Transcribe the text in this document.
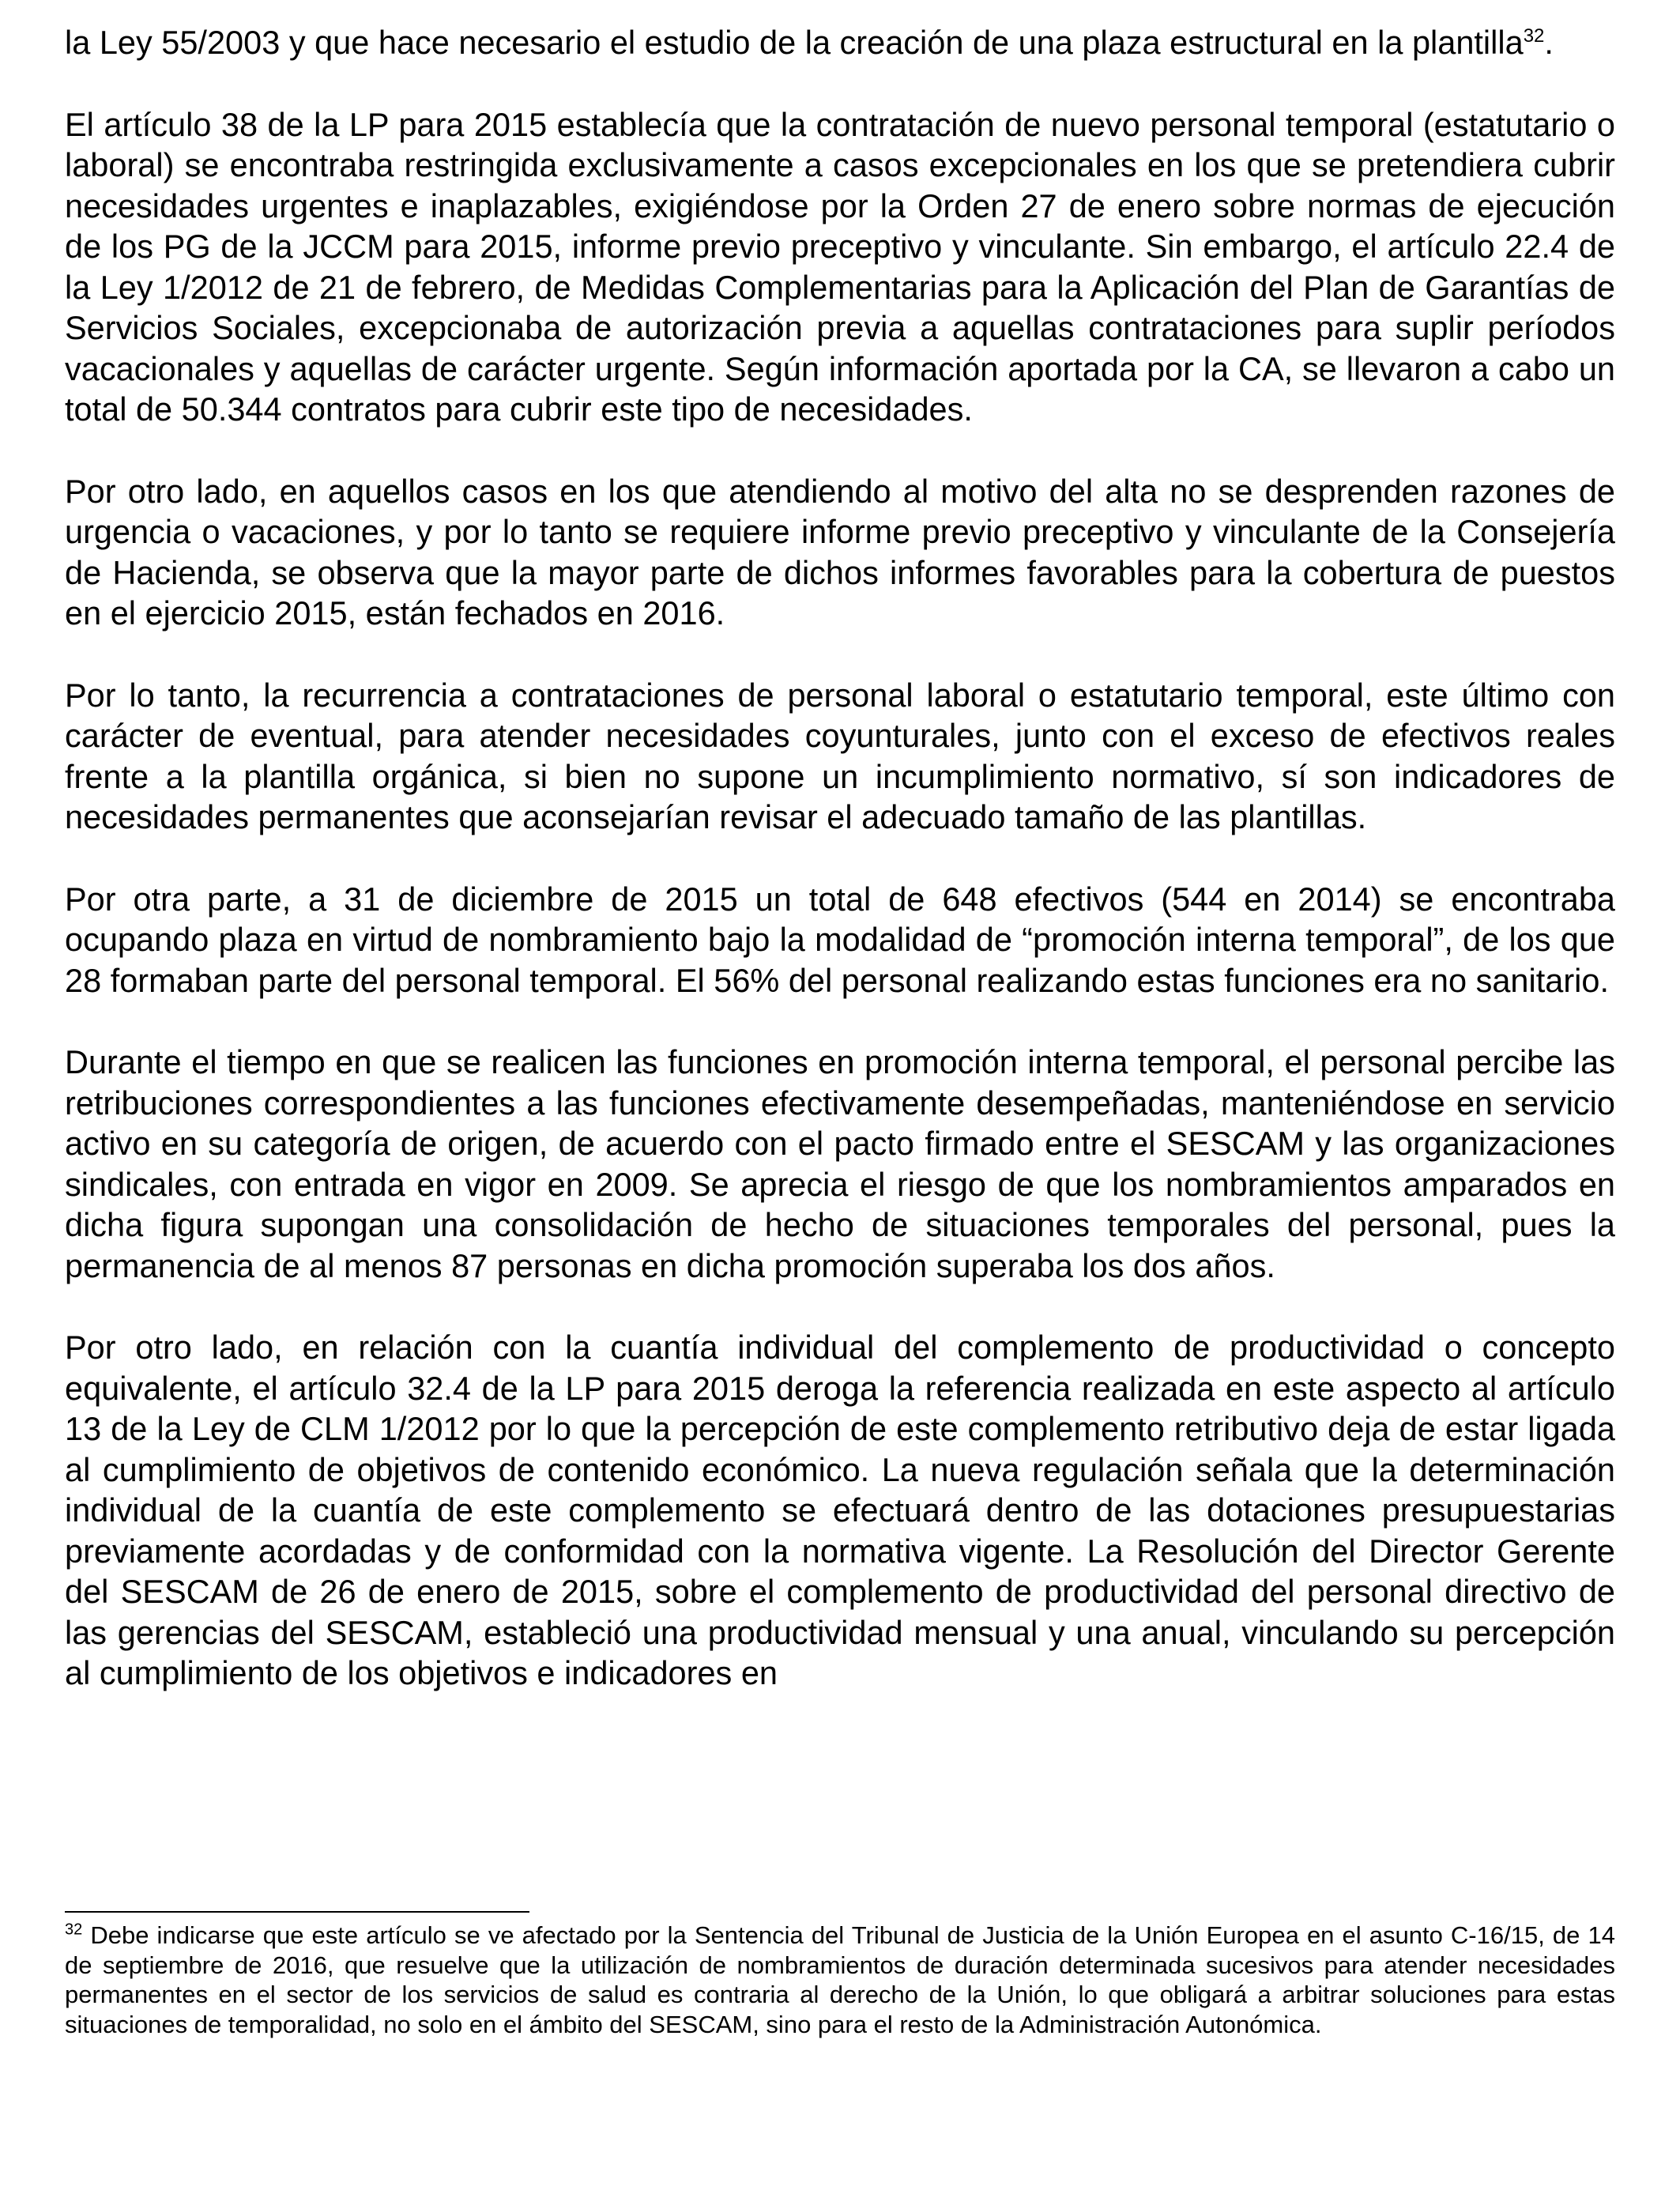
la Ley 55/2003 y que hace necesario el estudio de la creación de una plaza estructural en la plantilla$^{32}$.

El artículo 38 de la LP para 2015 establecía que la contratación de nuevo personal temporal (estatutario o laboral) se encontraba restringida exclusivamente a casos excepcionales en los que se pretendiera cubrir necesidades urgentes e inaplazables, exigiéndose por la Orden 27 de enero sobre normas de ejecución de los PG de la JCCM para 2015, informe previo preceptivo y vinculante. Sin embargo, el artículo 22.4 de la Ley 1/2012 de 21 de febrero, de Medidas Complementarias para la Aplicación del Plan de Garantías de Servicios Sociales, excepcionaba de autorización previa a aquellas contrataciones para suplir períodos vacacionales y aquellas de carácter urgente. Según información aportada por la CA, se llevaron a cabo un total de 50.344 contratos para cubrir este tipo de necesidades.

Por otro lado, en aquellos casos en los que atendiendo al motivo del alta no se desprenden razones de urgencia o vacaciones, y por lo tanto se requiere informe previo preceptivo y vinculante de la Consejería de Hacienda, se observa que la mayor parte de dichos informes favorables para la cobertura de puestos en el ejercicio 2015, están fechados en 2016.

Por lo tanto, la recurrencia a contrataciones de personal laboral o estatutario temporal, este último con carácter de eventual, para atender necesidades coyunturales, junto con el exceso de efectivos reales frente a la plantilla orgánica, si bien no supone un incumplimiento normativo, sí son indicadores de necesidades permanentes que aconsejarían revisar el adecuado tamaño de las plantillas.

Por otra parte, a 31 de diciembre de 2015 un total de 648 efectivos (544 en 2014) se encontraba ocupando plaza en virtud de nombramiento bajo la modalidad de “promoción interna temporal”, de los que 28 formaban parte del personal temporal. El 56% del personal realizando estas funciones era no sanitario.

Durante el tiempo en que se realicen las funciones en promoción interna temporal, el personal percibe las retribuciones correspondientes a las funciones efectivamente desempeñadas, manteniéndose en servicio activo en su categoría de origen, de acuerdo con el pacto firmado entre el SESCAM y las organizaciones sindicales, con entrada en vigor en 2009. Se aprecia el riesgo de que los nombramientos amparados en dicha figura supongan una consolidación de hecho de situaciones temporales del personal, pues la permanencia de al menos 87 personas en dicha promoción superaba los dos años.

Por otro lado, en relación con la cuantía individual del complemento de productividad o concepto equivalente, el artículo 32.4 de la LP para 2015 deroga la referencia realizada en este aspecto al artículo 13 de la Ley de CLM 1/2012 por lo que la percepción de este complemento retributivo deja de estar ligada al cumplimiento de objetivos de contenido económico. La nueva regulación señala que la determinación individual de la cuantía de este complemento se efectuará dentro de las dotaciones presupuestarias previamente acordadas y de conformidad con la normativa vigente. La Resolución del Director Gerente del SESCAM de 26 de enero de 2015, sobre el complemento de productividad del personal directivo de las gerencias del SESCAM, estableció una productividad mensual y una anual, vinculando su percepción al cumplimiento de los objetivos e indicadores en

$^{32}$ Debe indicarse que este artículo se ve afectado por la Sentencia del Tribunal de Justicia de la Unión Europea en el asunto C-16/15, de 14 de septiembre de 2016, que resuelve que la utilización de nombramientos de duración determinada sucesivos para atender necesidades permanentes en el sector de los servicios de salud es contraria al derecho de la Unión, lo que obligará a arbitrar soluciones para estas situaciones de temporalidad, no solo en el ámbito del SESCAM, sino para el resto de la Administración Autonómica.
